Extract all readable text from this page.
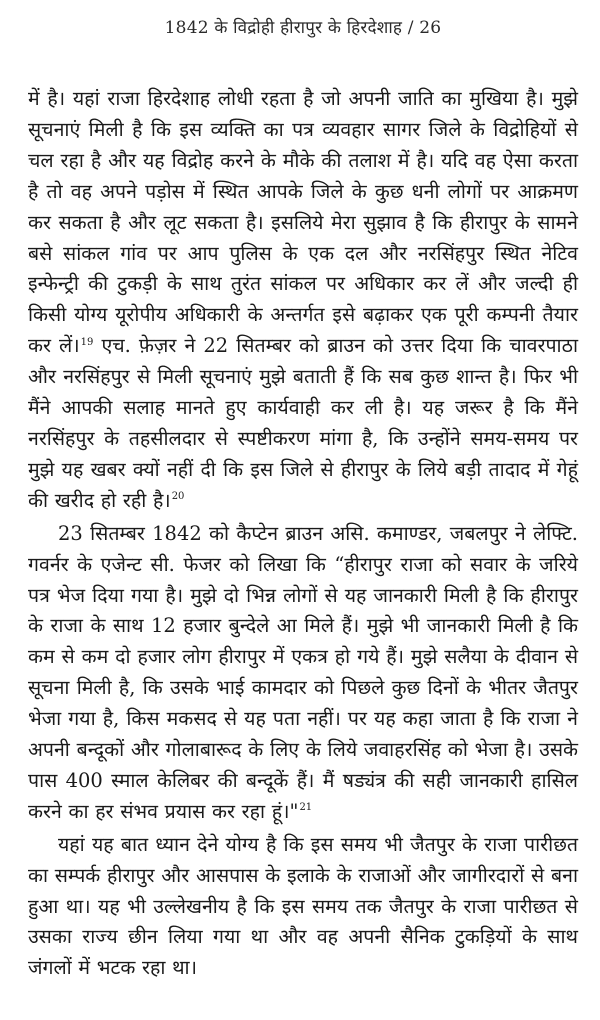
1842 के विद्रोही हीरापुर के हिरदेशाह / 26

में है। यहां राजा हिरदेशाह लोधी रहता है जो अपनी जाति का मुखिया है। मुझे सूचनाएं मिली है कि इस व्यक्ति का पत्र व्यवहार सागर जिले के विद्रोहियों से चल रहा है और यह विद्रोह करने के मौके की तलाश में है। यदि वह ऐसा करता है तो वह अपने पड़ोस में स्थित आपके जिले के कुछ धनी लोगों पर आक्रमण कर सकता है और लूट सकता है। इसलिये मेरा सुझाव है कि हीरापुर के सामने बसे सांकल गांव पर आप पुलिस के एक दल और नरसिंहपुर स्थित नेटिव इन्फेन्ट्री की टुकड़ी के साथ तुरंत सांकल पर अधिकार कर लें और जल्दी ही किसी योग्य यूरोपीय अधिकारी के अन्तर्गत इसे बढ़ाकर एक पूरी कम्पनी तैयार कर लें।$^{19}$ एच. फ़ेज़र ने 22 सितम्बर को ब्राउन को उत्तर दिया कि चावरपाठा और नरसिंहपुर से मिली सूचनाएं मुझे बताती हैं कि सब कुछ शान्त है। फिर भी मैंने आपकी सलाह मानते हुए कार्यवाही कर ली है। यह जरूर है कि मैंने नरसिंहपुर के तहसीलदार से स्पष्टीकरण मांगा है, कि उन्होंने समय-समय पर मुझे यह खबर क्यों नहीं दी कि इस जिले से हीरापुर के लिये बड़ी तादाद में गेहूं की खरीद हो रही है।$^{20}$

23 सितम्बर 1842 को कैप्टेन ब्राउन असि. कमाण्डर, जबलपुर ने लेफ्टि. गवर्नर के एजेन्ट सी. फेजर को लिखा कि “हीरापुर राजा को सवार के जरिये पत्र भेज दिया गया है। मुझे दो भिन्न लोगों से यह जानकारी मिली है कि हीरापुर के राजा के साथ 12 हजार बुन्देले आ मिले हैं। मुझे भी जानकारी मिली है कि कम से कम दो हजार लोग हीरापुर में एकत्र हो गये हैं। मुझे सलैया के दीवान से सूचना मिली है, कि उसके भाई कामदार को पिछले कुछ दिनों के भीतर जैतपुर भेजा गया है, किस मकसद से यह पता नहीं। पर यह कहा जाता है कि राजा ने अपनी बन्दूकों और गोलाबारूद के लिए के लिये जवाहरसिंह को भेजा है। उसके पास 400 स्माल केलिबर की बन्दूकें हैं। मैं षड्यंत्र की सही जानकारी हासिल करने का हर संभव प्रयास कर रहा हूं।"$^{21}$

यहां यह बात ध्यान देने योग्य है कि इस समय भी जैतपुर के राजा पारीछत का सम्पर्क हीरापुर और आसपास के इलाके के राजाओं और जागीरदारों से बना हुआ था। यह भी उल्लेखनीय है कि इस समय तक जैतपुर के राजा पारीछत से उसका राज्य छीन लिया गया था और वह अपनी सैनिक टुकड़ियों के साथ जंगलों में भटक रहा था।
